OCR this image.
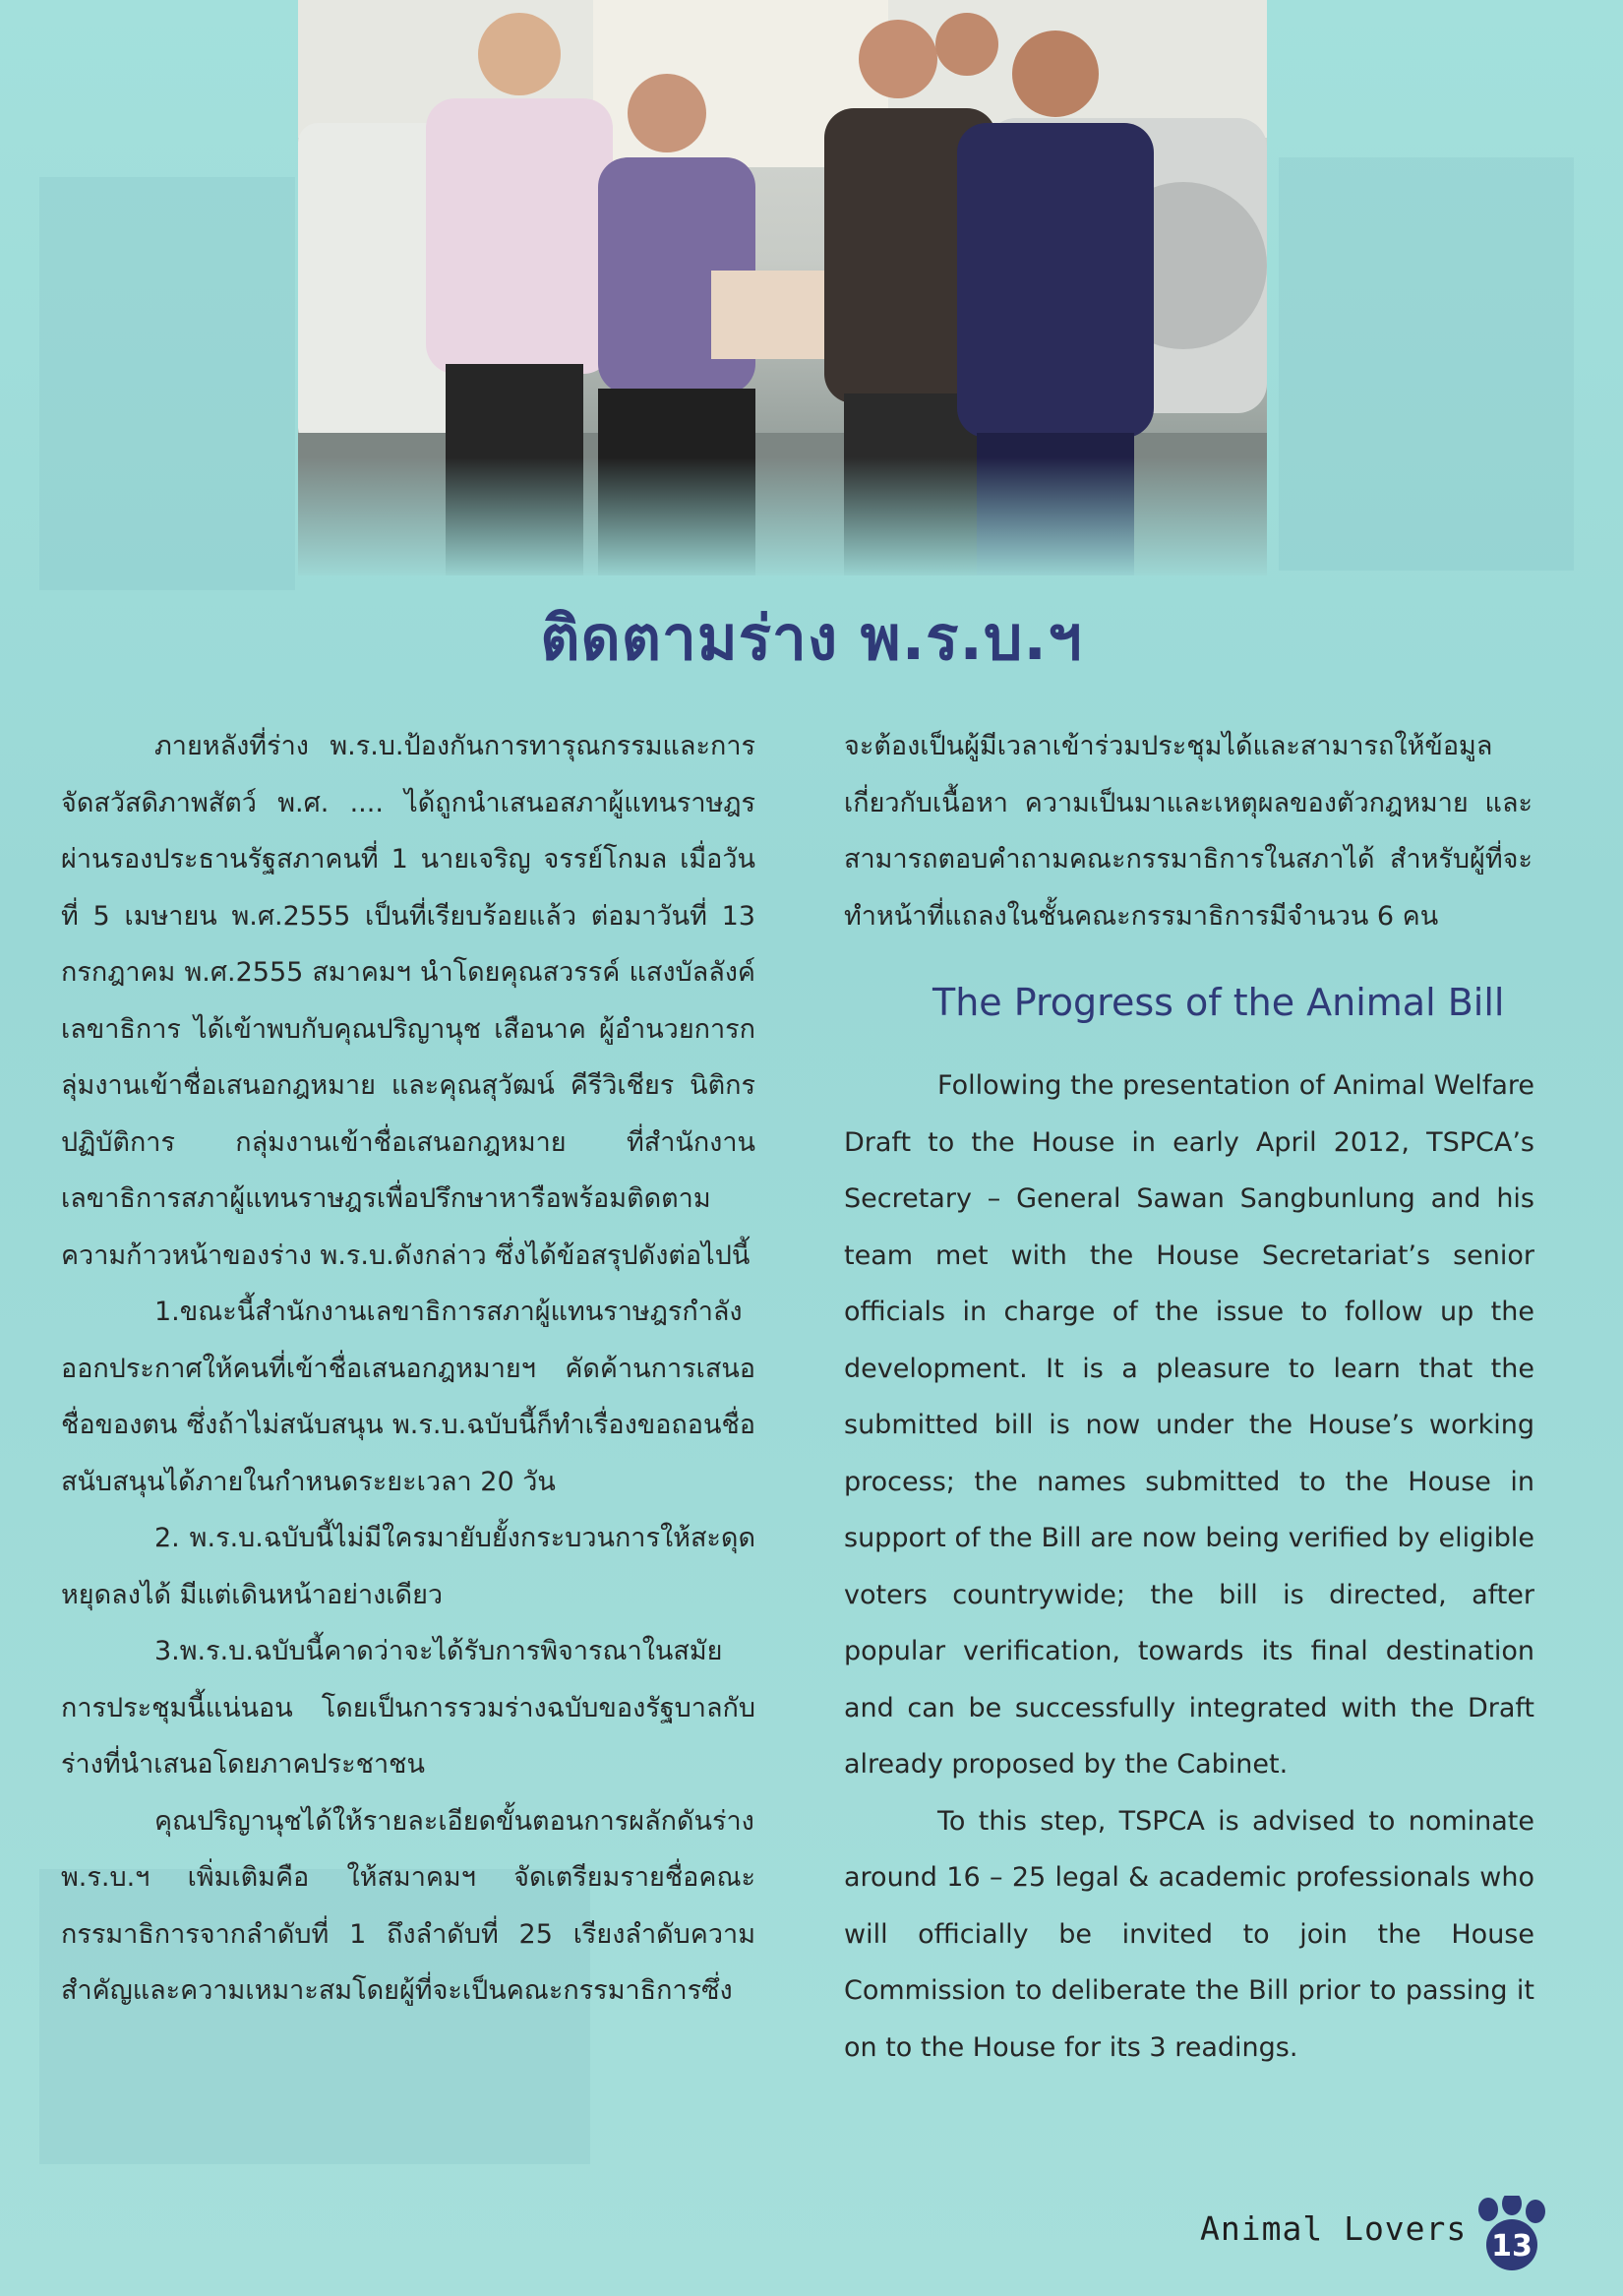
ติดตามร่าง พ.ร.บ.ฯ

ภายหลังที่ร่าง พ.ร.บ.ป้องกันการทารุณกรรมและการจัดสวัสดิภาพสัตว์ พ.ศ. .... ได้ถูกนำเสนอสภาผู้แทนราษฎรผ่านรองประธานรัฐสภาคนที่ 1 นายเจริญ จรรย์โกมล เมื่อวันที่ 5 เมษายน พ.ศ.2555 เป็นที่เรียบร้อยแล้ว ต่อมาวันที่ 13 กรกฎาคม พ.ศ.2555 สมาคมฯ นำโดยคุณสวรรค์ แสงบัลลังค์ เลขาธิการ ได้เข้าพบกับคุณปริญานุช เสือนาค ผู้อำนวยการกลุ่มงานเข้าชื่อเสนอกฎหมาย และคุณสุวัฒน์ คีรีวิเชียร นิติกรปฏิบัติการ กลุ่มงานเข้าชื่อเสนอกฎหมาย ที่สำนักงานเลขาธิการสภาผู้แทนราษฎรเพื่อปรึกษาหารือพร้อมติดตามความก้าวหน้าของร่าง พ.ร.บ.ดังกล่าว ซึ่งได้ข้อสรุปดังต่อไปนี้

1.ขณะนี้สำนักงานเลขาธิการสภาผู้แทนราษฎรกำลังออกประกาศให้คนที่เข้าชื่อเสนอกฎหมายฯ คัดค้านการเสนอชื่อของตน ซึ่งถ้าไม่สนับสนุน พ.ร.บ.ฉบับนี้ก็ทำเรื่องขอถอนชื่อสนับสนุนได้ภายในกำหนดระยะเวลา 20 วัน

2. พ.ร.บ.ฉบับนี้ไม่มีใครมายับยั้งกระบวนการให้สะดุดหยุดลงได้ มีแต่เดินหน้าอย่างเดียว

3.พ.ร.บ.ฉบับนี้คาดว่าจะได้รับการพิจารณาในสมัยการประชุมนี้แน่นอน โดยเป็นการรวมร่างฉบับของรัฐบาลกับร่างที่นำเสนอโดยภาคประชาชน

คุณปริญานุชได้ให้รายละเอียดขั้นตอนการผลักดันร่าง พ.ร.บ.ฯ เพิ่มเติมคือ ให้สมาคมฯ จัดเตรียมรายชื่อคณะกรรมาธิการจากลำดับที่ 1 ถึงลำดับที่ 25 เรียงลำดับความสำคัญและความเหมาะสมโดยผู้ที่จะเป็นคณะกรรมาธิการซึ่ง

จะต้องเป็นผู้มีเวลาเข้าร่วมประชุมได้และสามารถให้ข้อมูลเกี่ยวกับเนื้อหา ความเป็นมาและเหตุผลของตัวกฎหมาย และสามารถตอบคำถามคณะกรรมาธิการในสภาได้ สำหรับผู้ที่จะทำหน้าที่แถลงในชั้นคณะกรรมาธิการมีจำนวน 6 คน

The Progress of the Animal Bill

Following the presentation of Animal Welfare Draft to the House in early April 2012, TSPCA’s Secretary – General Sawan Sangbunlung and his team met with the House Secretariat’s senior officials in charge of the issue to follow up the development. It is a pleasure to learn that the submitted bill is now under the House’s working process; the names submitted to the House in support of the Bill are now being verified by eligible voters countrywide; the bill is directed, after popular verification, towards its final destination and can be successfully integrated with the Draft already proposed by the Cabinet.

To this step, TSPCA is advised to nominate around 16 – 25 legal & academic professionals who will officially be invited to join the House Commission to deliberate the Bill prior to passing it on to the House for its 3 readings.

Animal Lovers 13
